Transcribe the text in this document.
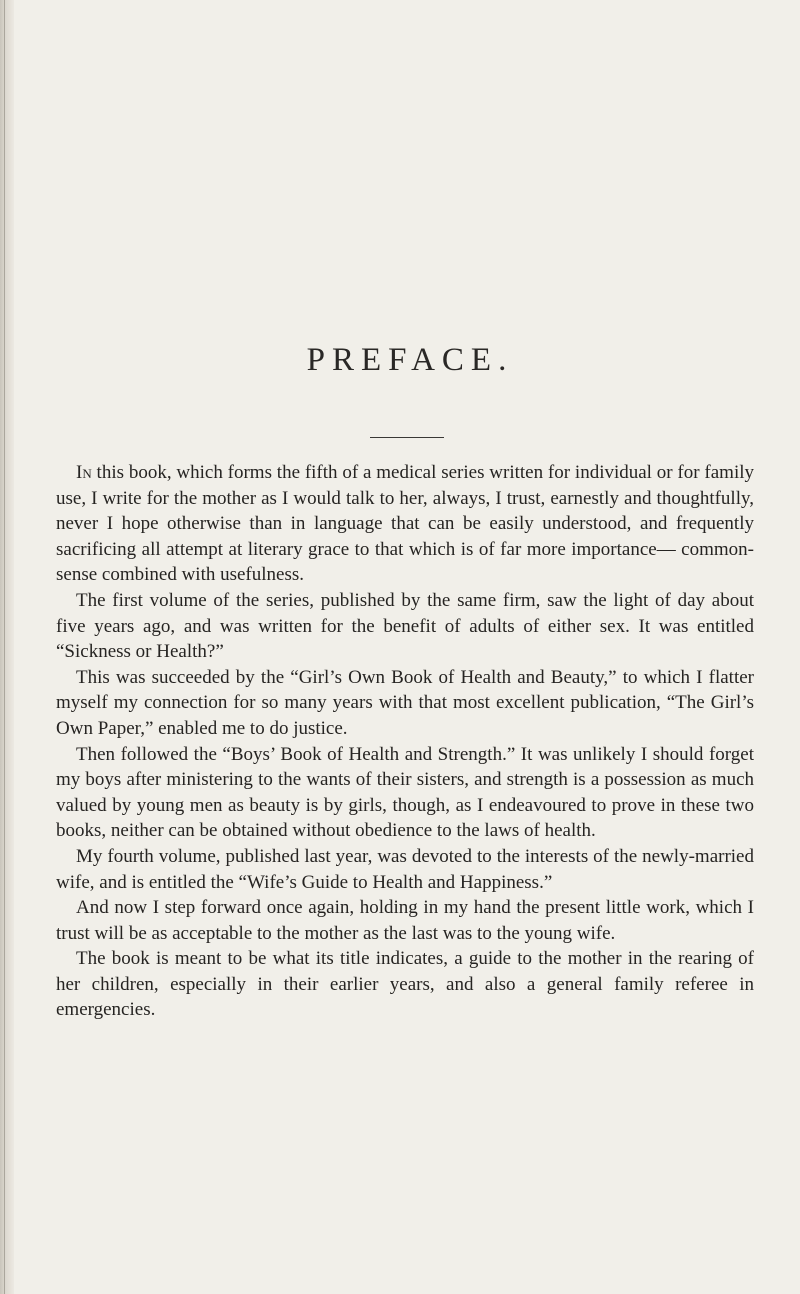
PREFACE.

In this book, which forms the fifth of a medical series written for individual or for family use, I write for the mother as I would talk to her, always, I trust, earnestly and thoughtfully, never I hope otherwise than in language that can be easily understood, and frequently sacrificing all attempt at literary grace to that which is of far more importance— common-sense combined with usefulness.

The first volume of the series, published by the same firm, saw the light of day about five years ago, and was written for the benefit of adults of either sex. It was entitled “Sickness or Health?”

This was succeeded by the “Girl’s Own Book of Health and Beauty,” to which I flatter myself my connection for so many years with that most excellent publication, “The Girl’s Own Paper,” enabled me to do justice.

Then followed the “Boys’ Book of Health and Strength.” It was unlikely I should forget my boys after ministering to the wants of their sisters, and strength is a possession as much valued by young men as beauty is by girls, though, as I endeavoured to prove in these two books, neither can be obtained without obedience to the laws of health.

My fourth volume, published last year, was devoted to the interests of the newly-married wife, and is entitled the “Wife’s Guide to Health and Happiness.”

And now I step forward once again, holding in my hand the present little work, which I trust will be as acceptable to the mother as the last was to the young wife.

The book is meant to be what its title indicates, a guide to the mother in the rearing of her children, especially in their earlier years, and also a general family referee in emergencies.
